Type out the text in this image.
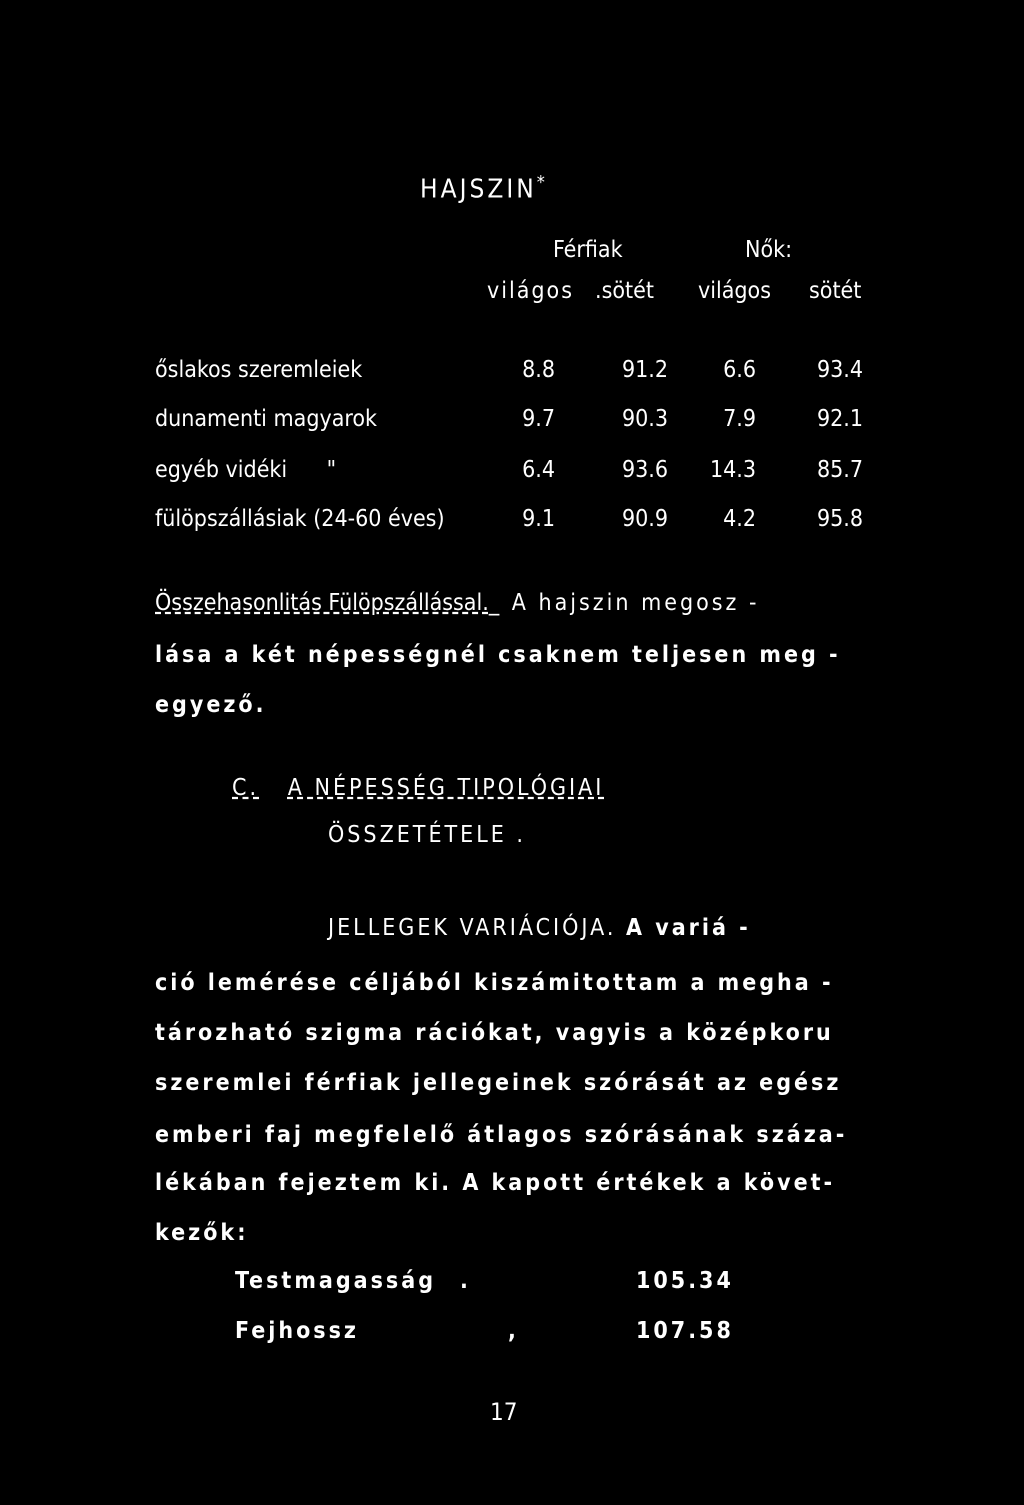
HAJSZIN*
Férfiak	Nők:
világos .sötét világos sötét
őslakos szeremleiek	8.8	91.2	6.6	93.4
dunamenti magyarok	9.7	90.3	7.9	92.1
egyéb vidéki      "	6.4	93.6	14.3	85.7
fülöpszállásiak (24-60 éves)	9.1	90.9	4.2	95.8
Összehasonlitás Fülöpszállással._ A hajszin megosz -
lása a két népességnél csaknem teljesen meg -
egyező.
C. A NÉPESSÉG TIPOLÓGIAI
ÖSSZETÉTELE .
JELLEGEK VARIÁCIÓJA. A variá -
ció lemérése céljából kiszámitottam a megha -
tározható szigma rációkat, vagyis a középkoru
szeremlei férfiak jellegeinek szórását az egész
emberi faj megfelelő átlagos szórásának száza-
lékában fejeztem ki. A kapott értékek a követ-
kezők:
Testmagasság .	105.34
Fejhossz	,	107.58
17
